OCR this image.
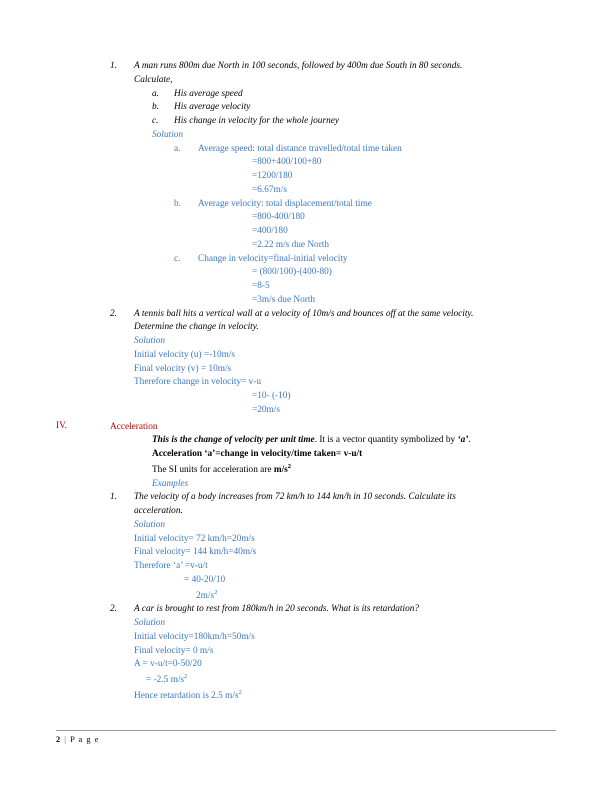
1. A man runs 800m due North in 100 seconds, followed by 400m due South in 80 seconds.
Calculate,
a. His average speed
b. His average velocity
c. His change in velocity for the whole journey
Solution
a. Average speed: total distance travelled/total time taken
=800+400/100+80
=1200/180
=6.67m/s
b. Average velocity: total displacement/total time
=800-400/180
=400/180
=2.22 m/s due North
c. Change in velocity=final-initial velocity
= (800/100)-(400-80)
=8-5
=3m/s due North
2. A tennis ball hits a vertical wall at a velocity of 10m/s and bounces off at the same velocity.
Determine the change in velocity.
Solution
Initial velocity (u) =-10m/s
Final velocity (v) = 10m/s
Therefore change in velocity= v-u
=10- (-10)
=20m/s
IV.	Acceleration
This is the change of velocity per unit time. It is a vector quantity symbolized by ‘a’.
Acceleration ‘a’=change in velocity/time taken= v-u/t
The SI units for acceleration are $m/s^2$
Examples
1. The velocity of a body increases from 72 km/h to 144 km/h in 10 seconds. Calculate its
acceleration.
Solution
Initial velocity= 72 km/h=20m/s
Final velocity= 144 km/h=40m/s
Therefore ‘a’ =v-u/t
= 40-20/10
$2m/s^2$
2. A car is brought to rest from 180km/h in 20 seconds. What is its retardation?
Solution
Initial velocity=180km/h=50m/s
Final velocity= 0 m/s
A = v-u/t=0-50/20
= -2.5 $m/s^2$
Hence retardation is 2.5 $m/s^2$
2 | P a g e
